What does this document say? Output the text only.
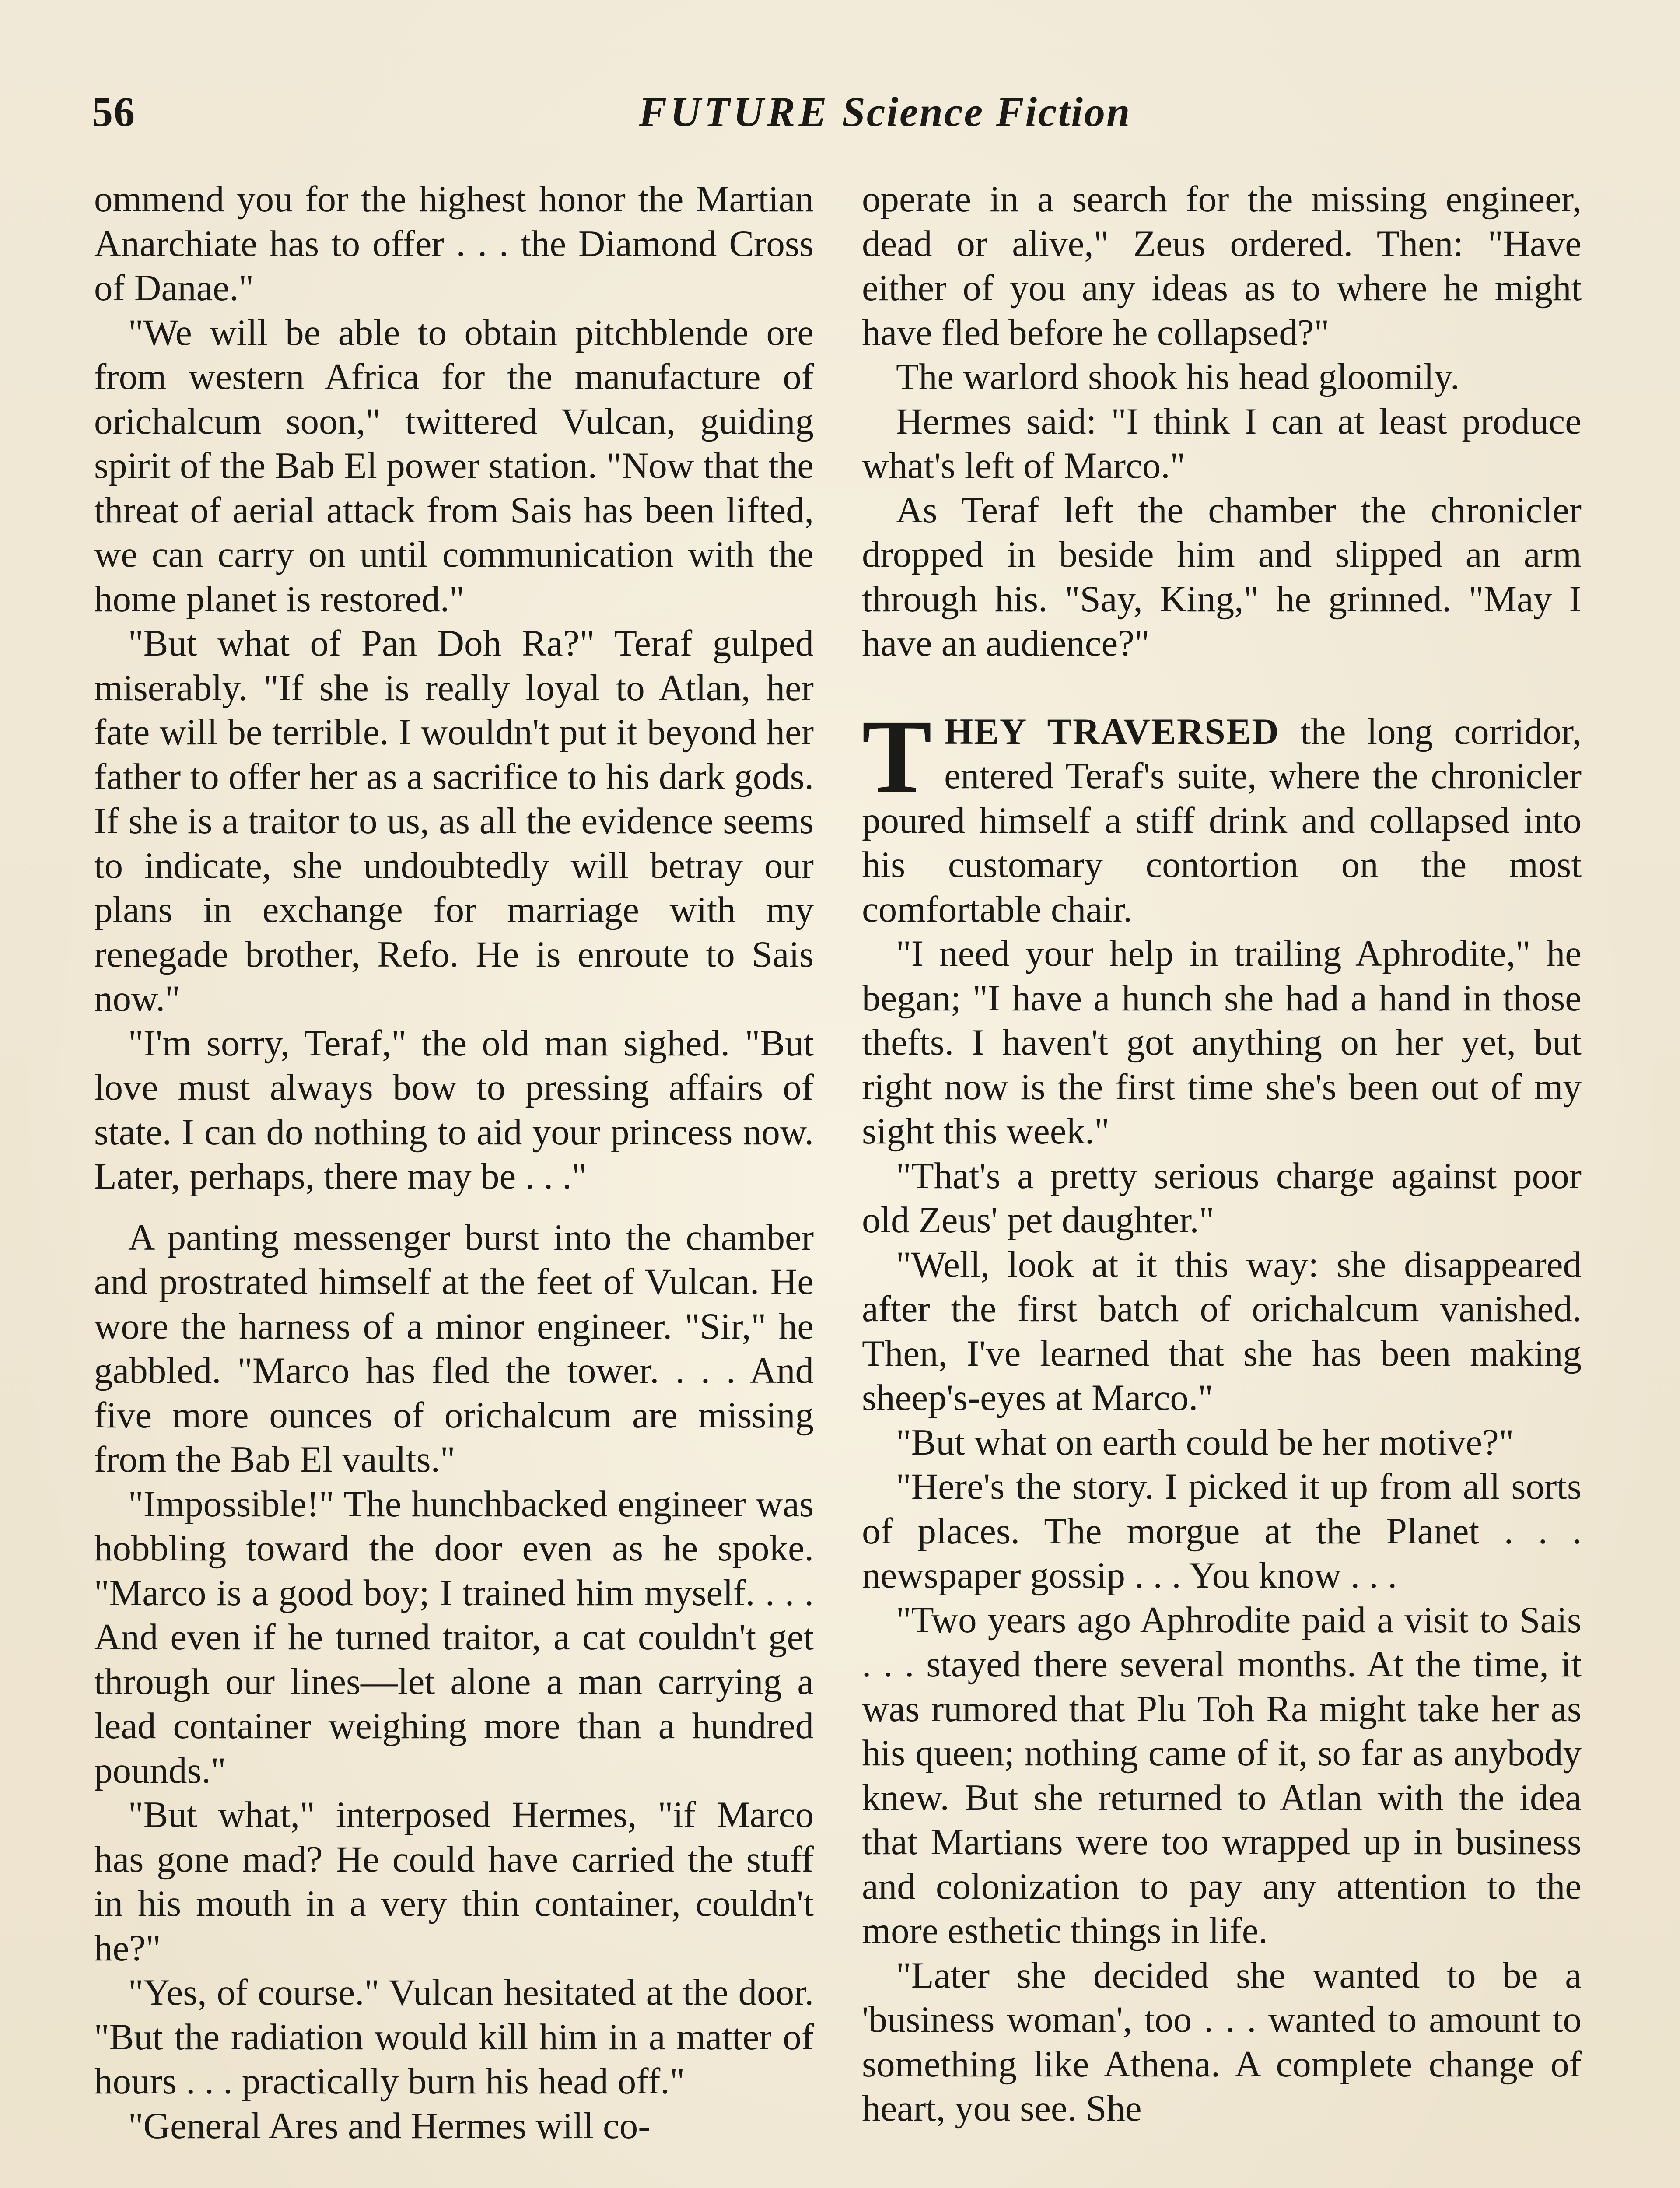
56	FUTURE Science Fiction

ommend you for the highest honor the Martian Anarchiate has to offer . . . the Diamond Cross of Danae."

"We will be able to obtain pitchblende ore from western Africa for the manufacture of orichalcum soon," twittered Vulcan, guiding spirit of the Bab El power station. "Now that the threat of aerial attack from Sais has been lifted, we can carry on until communication with the home planet is restored."

"But what of Pan Doh Ra?" Teraf gulped miserably. "If she is really loyal to Atlan, her fate will be terrible. I wouldn't put it beyond her father to offer her as a sacrifice to his dark gods. If she is a traitor to us, as all the evidence seems to indicate, she undoubtedly will betray our plans in exchange for marriage with my renegade brother, Refo. He is enroute to Sais now."

"I'm sorry, Teraf," the old man sighed. "But love must always bow to pressing affairs of state. I can do nothing to aid your princess now. Later, perhaps, there may be . . ."

A panting messenger burst into the chamber and prostrated himself at the feet of Vulcan. He wore the harness of a minor engineer. "Sir," he gabbled. "Marco has fled the tower. . . . And five more ounces of orichalcum are missing from the Bab El vaults."

"Impossible!" The hunchbacked engineer was hobbling toward the door even as he spoke. "Marco is a good boy; I trained him myself. . . . And even if he turned traitor, a cat couldn't get through our lines—let alone a man carrying a lead container weighing more than a hundred pounds."

"But what," interposed Hermes, "if Marco has gone mad? He could have carried the stuff in his mouth in a very thin container, couldn't he?"

"Yes, of course." Vulcan hesitated at the door. "But the radiation would kill him in a matter of hours . . . practically burn his head off."

"General Ares and Hermes will co-

operate in a search for the missing engineer, dead or alive," Zeus ordered. Then: "Have either of you any ideas as to where he might have fled before he collapsed?"

The warlord shook his head gloomily.

Hermes said: "I think I can at least produce what's left of Marco."

As Teraf left the chamber the chronicler dropped in beside him and slipped an arm through his. "Say, King," he grinned. "May I have an audience?"

THEY TRAVERSED the long corridor, entered Teraf's suite, where the chronicler poured himself a stiff drink and collapsed into his customary contortion on the most comfortable chair.

"I need your help in trailing Aphrodite," he began; "I have a hunch she had a hand in those thefts. I haven't got anything on her yet, but right now is the first time she's been out of my sight this week."

"That's a pretty serious charge against poor old Zeus' pet daughter."

"Well, look at it this way: she disappeared after the first batch of orichalcum vanished. Then, I've learned that she has been making sheep's-eyes at Marco."

"But what on earth could be her motive?"

"Here's the story. I picked it up from all sorts of places. The morgue at the Planet . . . newspaper gossip . . . You know . . .

"Two years ago Aphrodite paid a visit to Sais . . . stayed there several months. At the time, it was rumored that Plu Toh Ra might take her as his queen; nothing came of it, so far as anybody knew. But she returned to Atlan with the idea that Martians were too wrapped up in business and colonization to pay any attention to the more esthetic things in life.

"Later she decided she wanted to be a 'business woman', too . . . wanted to amount to something like Athena. A complete change of heart, you see. She
